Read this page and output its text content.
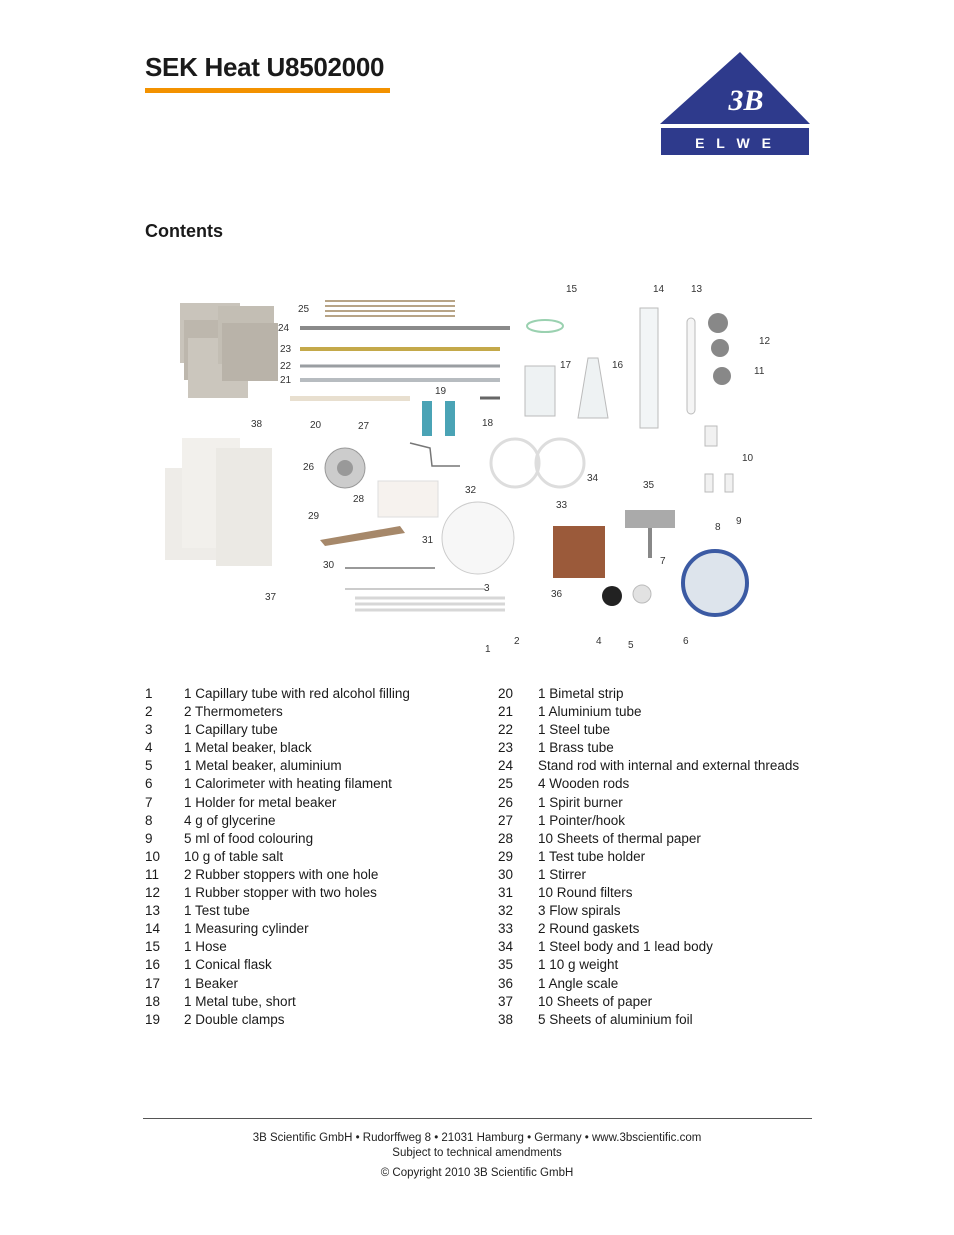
SEK Heat U8502000
3B ®
E L W E
Contents
1
2
3
4	5	6
7
8
9
10
11
12
13
14
15
16
17
18
19
20
21
22
23
24
25
26
27
28
29
30
31
32
33
34
35
36
37
38
1	1 Capillary tube with red alcohol filling
2	2 Thermometers
3	1 Capillary tube
4	1 Metal beaker, black
5	1 Metal beaker, aluminium
6	1 Calorimeter with heating filament
7	1 Holder for metal beaker
8	4 g of glycerine
9	5 ml of food colouring
10	10 g of table salt
11	2 Rubber stoppers with one hole
12	1 Rubber stopper with two holes
13	1 Test tube
14	1 Measuring cylinder
15	1 Hose
16	1 Conical flask
17	1 Beaker
18	1 Metal tube, short
19	2 Double clamps
20	1 Bimetal strip
21	1 Aluminium tube
22	1 Steel tube
23	1 Brass tube
24	Stand rod with internal and external threads
25	4 Wooden rods
26	1 Spirit burner
27	1 Pointer/hook
28	10 Sheets of thermal paper
29	1 Test tube holder
30	1 Stirrer
31	10 Round filters
32	3 Flow spirals
33	2 Round gaskets
34	1 Steel body and 1 lead body
35	1 10 g weight
36	1 Angle scale
37	10 Sheets of paper
38	5 Sheets of aluminium foil
3B Scientific GmbH • Rudorffweg 8 • 21031 Hamburg • Germany • www.3bscientific.com
Subject to technical amendments
© Copyright 2010 3B Scientific GmbH
